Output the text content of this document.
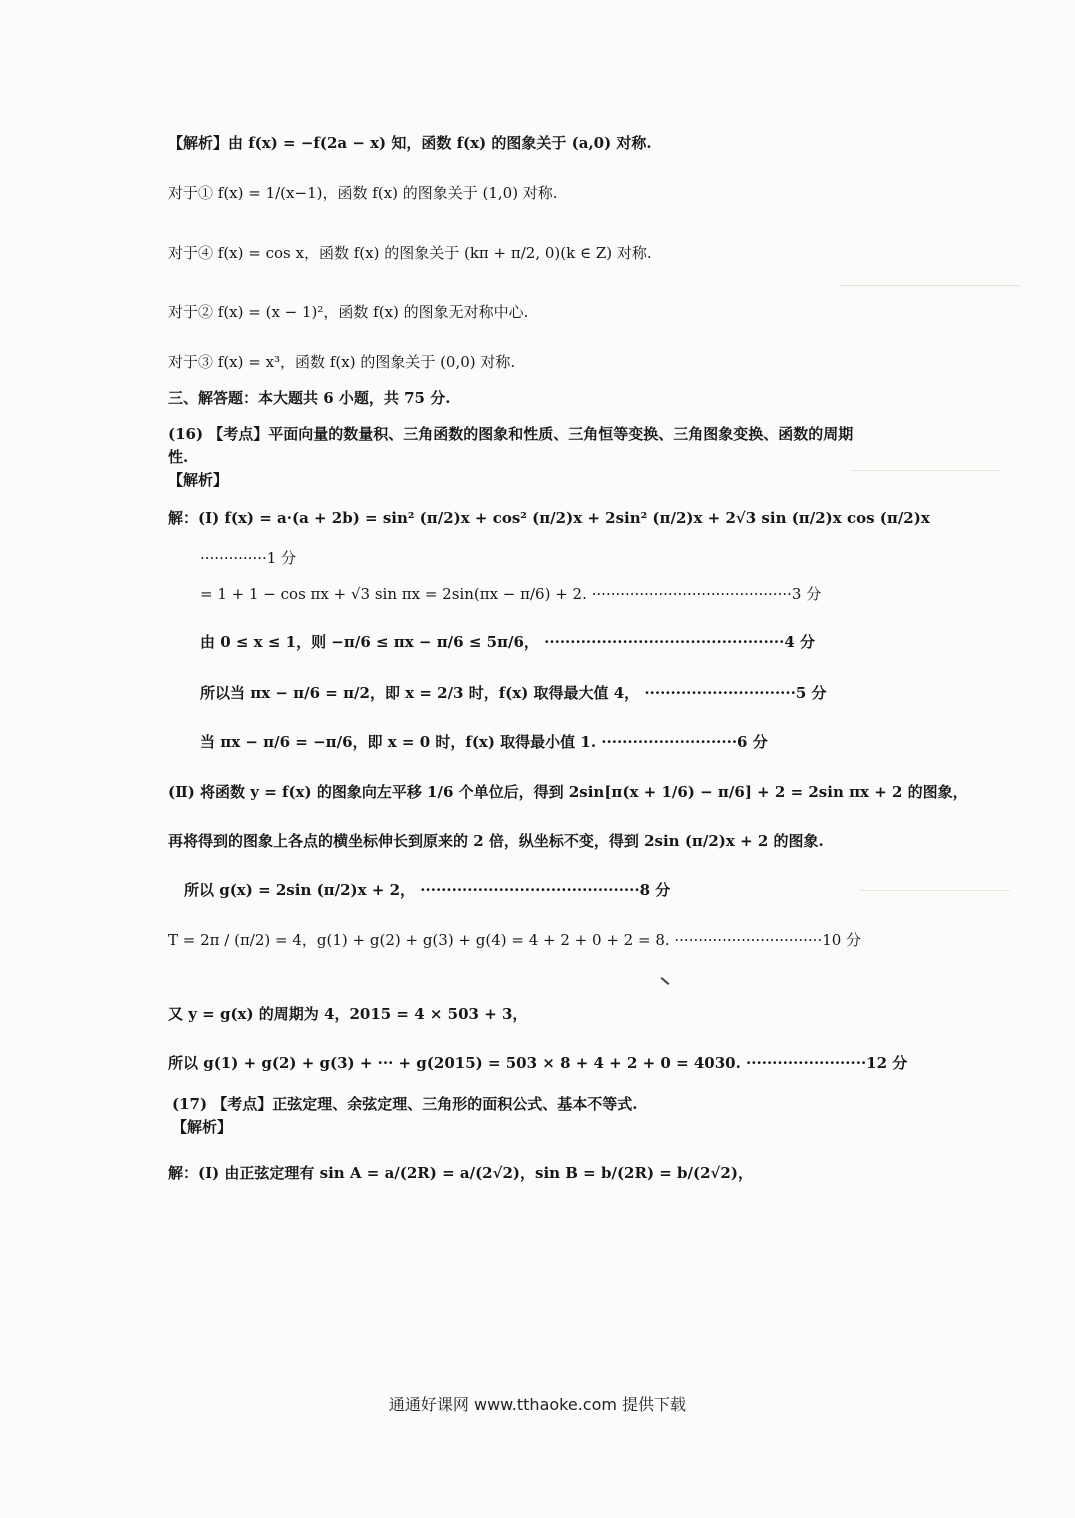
【解析】由 f(x) = −f(2a − x) 知，函数 f(x) 的图象关于 (a,0) 对称.
对于① f(x) = 1/(x−1)，函数 f(x) 的图象关于 (1,0) 对称.
对于④ f(x) = cos x，函数 f(x) 的图象关于 (kπ + π/2, 0)(k ∈ Z) 对称.
对于② f(x) = (x − 1)²，函数 f(x) 的图象无对称中心.
对于③ f(x) = x³，函数 f(x) 的图象关于 (0,0) 对称.
三、解答题：本大题共 6 小题，共 75 分.
(16) 【考点】平面向量的数量积、三角函数的图象和性质、三角恒等变换、三角图象变换、函数的周期
性.
【解析】
解：(Ⅰ) f(x) = a·(a + 2b) = sin² (π/2)x + cos² (π/2)x + 2sin² (π/2)x + 2√3 sin (π/2)x cos (π/2)x
··············1 分
= 1 + 1 − cos πx + √3 sin πx = 2sin(πx − π/6) + 2. ··········································3 分
由 0 ≤ x ≤ 1，则 −π/6 ≤ πx − π/6 ≤ 5π/6， ··············································4 分
所以当 πx − π/6 = π/2，即 x = 2/3 时，f(x) 取得最大值 4， ·····························5 分
当 πx − π/6 = −π/6，即 x = 0 时，f(x) 取得最小值 1. ··························6 分
(Ⅱ) 将函数 y = f(x) 的图象向左平移 1/6 个单位后，得到 2sin[π(x + 1/6) − π/6] + 2 = 2sin πx + 2 的图象，
再将得到的图象上各点的横坐标伸长到原来的 2 倍，纵坐标不变，得到 2sin (π/2)x + 2 的图象.
所以 g(x) = 2sin (π/2)x + 2， ··········································8 分
T = 2π / (π/2) = 4，g(1) + g(2) + g(3) + g(4) = 4 + 2 + 0 + 2 = 8. ·······························10 分
又 y = g(x) 的周期为 4，2015 = 4 × 503 + 3，
所以 g(1) + g(2) + g(3) + ··· + g(2015) = 503 × 8 + 4 + 2 + 0 = 4030. ·······················12 分
(17) 【考点】正弦定理、余弦定理、三角形的面积公式、基本不等式.
【解析】
解：(Ⅰ) 由正弦定理有 sin A = a/(2R) = a/(2√2)，sin B = b/(2R) = b/(2√2)，
通通好课网 www.tthaoke.com 提供下载
